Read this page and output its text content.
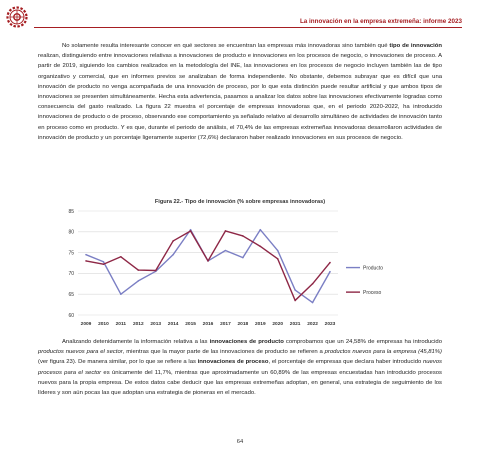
La innovación en la empresa extremeña: informe 2023

No solamente resulta interesante conocer en qué sectores se encuentran las empresas más innovadoras sino también qué tipo de innovación realizan, distinguiendo entre innovaciones relativas a innovaciones de producto e innovaciones en los procesos de negocio, o innovaciones de proceso. A partir de 2019, siguiendo los cambios realizados en la metodología del INE, las innovaciones en los procesos de negocio incluyen también las de tipo organizativo y comercial, que en informes previos se analizaban de forma independiente. No obstante, debemos subrayar que es difícil que una innovación de producto no venga acompañada de una innovación de proceso, por lo que esta distinción puede resultar artificial y que ambos tipos de innovaciones se presenten simultáneamente. Hecha esta advertencia, pasamos a analizar los datos sobre las innovaciones efectivamente logradas como consecuencia del gasto realizado. La figura 22 muestra el porcentaje de empresas innovadoras que, en el periodo 2020-2022, ha introducido innovaciones de producto o de proceso, observando ese comportamiento ya señalado relativo al desarrollo simultáneo de actividades de innovación tanto en proceso como en producto. Y es que, durante el periodo de análisis, el 70,4% de las empresas extremeñas innovadoras desarrollaron actividades de innovación de producto y un porcentaje ligeramente superior (72,6%) declararon haber realizado innovaciones en sus procesos de negocio.

Figura 22.- Tipo de innovación (% sobre empresas innovadoras)
60
65
70
75
80
85
2009 2010 2011 2012 2013 2014 2015 2016 2017 2018 2019 2020 2021 2022 2023
Producto
Proceso

Analizando detenidamente la información relativa a las innovaciones de producto comprobamos que un 24,58% de empresas ha introducido productos nuevos para el sector, mientras que la mayor parte de las innovaciones de producto se refieren a productos nuevos para la empresa (45,81%) (ver figura 23). De manera similar, por lo que se refiere a las innovaciones de proceso, el porcentaje de empresas que declara haber introducido nuevos procesos para el sector es únicamente del 11,7%, mientras que aproximadamente un 60,89% de las empresas encuestadas han introducido procesos nuevos para la propia empresa. De estos datos cabe deducir que las empresas extremeñas adoptan, en general, una estrategia de seguimiento de los líderes y son aún pocas las que adoptan una estrategia de pioneras en el mercado.

64
